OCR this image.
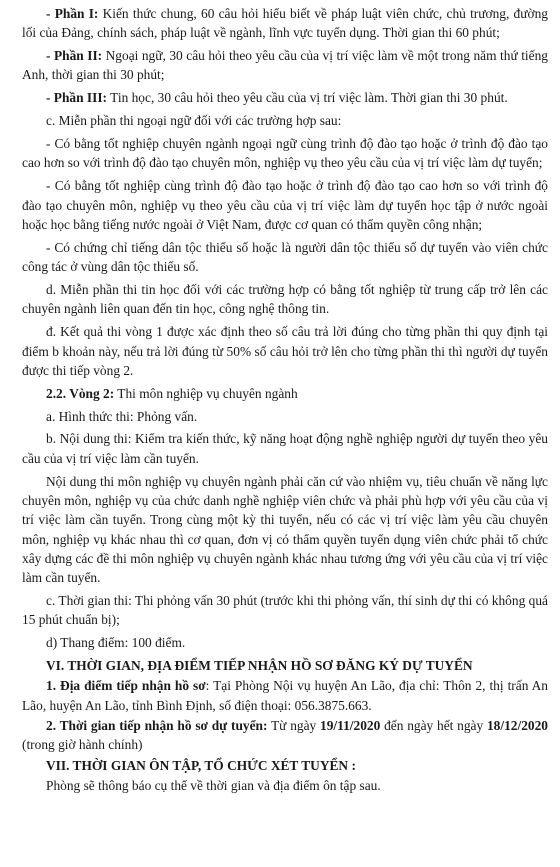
- Phần I: Kiến thức chung, 60 câu hỏi hiểu biết về pháp luật viên chức, chủ trương, đường lối của Đảng, chính sách, pháp luật về ngành, lĩnh vực tuyển dụng. Thời gian thi 60 phút;

- Phần II: Ngoại ngữ, 30 câu hỏi theo yêu cầu của vị trí việc làm về một trong năm thứ tiếng Anh, thời gian thi 30 phút;

- Phần III: Tin học, 30 câu hỏi theo yêu cầu của vị trí việc làm. Thời gian thi 30 phút.

c. Miễn phần thi ngoại ngữ đối với các trường hợp sau:

- Có bằng tốt nghiệp chuyên ngành ngoại ngữ cùng trình độ đào tạo hoặc ở trình độ đào tạo cao hơn so với trình độ đào tạo chuyên môn, nghiệp vụ theo yêu cầu của vị trí việc làm dự tuyển;

- Có bằng tốt nghiệp cùng trình độ đào tạo hoặc ở trình độ đào tạo cao hơn so với trình độ đào tạo chuyên môn, nghiệp vụ theo yêu cầu của vị trí việc làm dự tuyển học tập ở nước ngoài hoặc học bằng tiếng nước ngoài ở Việt Nam, được cơ quan có thẩm quyền công nhận;

- Có chứng chỉ tiếng dân tộc thiểu số hoặc là người dân tộc thiểu số dự tuyển vào viên chức công tác ở vùng dân tộc thiểu số.

d. Miễn phần thi tin học đối với các trường hợp có bằng tốt nghiệp từ trung cấp trở lên các chuyên ngành liên quan đến tin học, công nghệ thông tin.

đ. Kết quả thi vòng 1 được xác định theo số câu trả lời đúng cho từng phần thi quy định tại điểm b khoản này, nếu trả lời đúng từ 50% số câu hỏi trở lên cho từng phần thi thì người dự tuyển được thi tiếp vòng 2.

2.2. Vòng 2: Thi môn nghiệp vụ chuyên ngành

a. Hình thức thi: Phỏng vấn.

b. Nội dung thi: Kiểm tra kiến thức, kỹ năng hoạt động nghề nghiệp người dự tuyển theo yêu cầu của vị trí việc làm cần tuyển.

Nội dung thi môn nghiệp vụ chuyên ngành phải căn cứ vào nhiệm vụ, tiêu chuẩn về năng lực chuyên môn, nghiệp vụ của chức danh nghề nghiệp viên chức và phải phù hợp với yêu cầu của vị trí việc làm cần tuyển. Trong cùng một kỳ thi tuyển, nếu có các vị trí việc làm yêu cầu chuyên môn, nghiệp vụ khác nhau thì cơ quan, đơn vị có thẩm quyền tuyển dụng viên chức phải tổ chức xây dựng các đề thi môn nghiệp vụ chuyên ngành khác nhau tương ứng với yêu cầu của vị trí việc làm cần tuyển.

c. Thời gian thi: Thi phỏng vấn 30 phút (trước khi thi phỏng vấn, thí sinh dự thi có không quá 15 phút chuẩn bị);

d) Thang điểm: 100 điểm.

VI. THỜI GIAN, ĐỊA ĐIỂM TIẾP NHẬN HỒ SƠ ĐĂNG KÝ DỰ TUYỂN

1. Địa điểm tiếp nhận hồ sơ: Tại Phòng Nội vụ huyện An Lão, địa chỉ: Thôn 2, thị trấn An Lão, huyện An Lão, tỉnh Bình Định, số điện thoại: 056.3875.663.

2. Thời gian tiếp nhận hồ sơ dự tuyển: Từ ngày 19/11/2020 đến ngày hết ngày 18/12/2020 (trong giờ hành chính)

VII. THỜI GIAN ÔN TẬP, TỔ CHỨC XÉT TUYỂN :

Phòng sẽ thông báo cụ thể về thời gian và địa điểm ôn tập sau.
